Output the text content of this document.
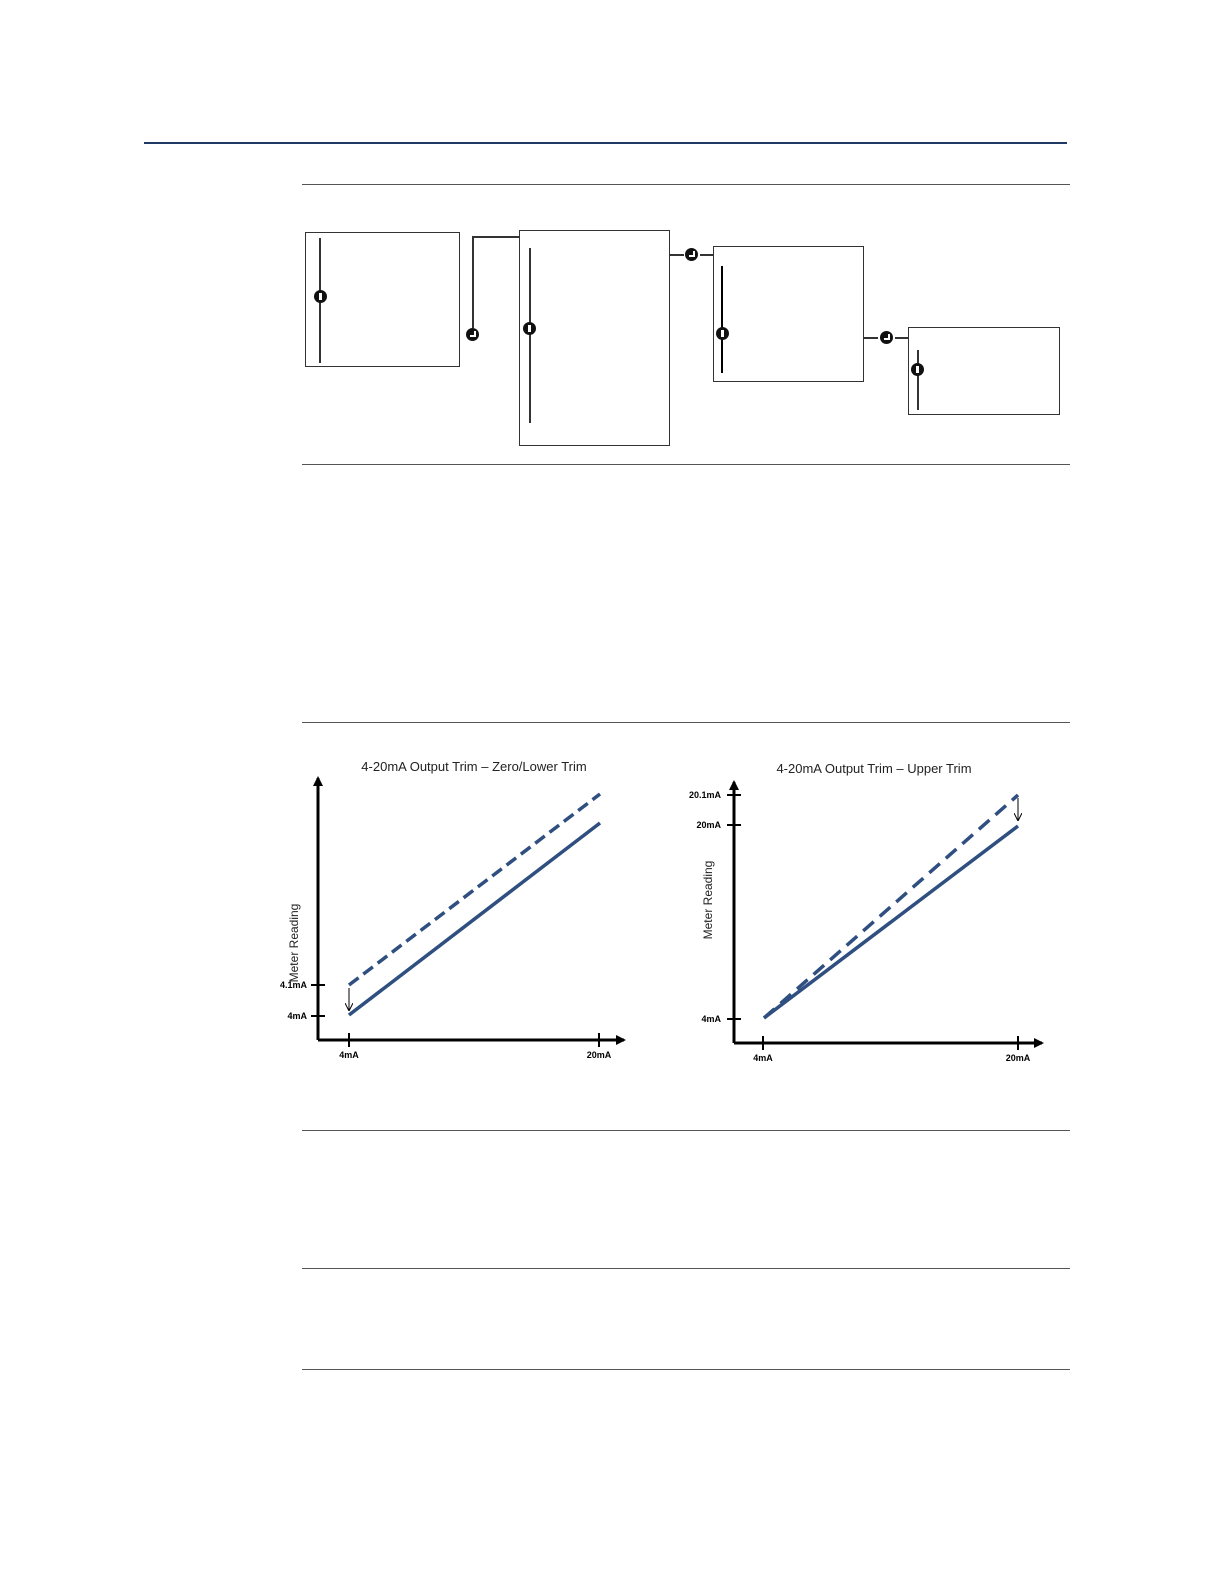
4-20mA Output Trim – Zero/Lower Trim
Meter Reading
4mA	20mA
4mA
4.1mA
4-20mA Output Trim – Upper Trim
Meter Reading
4mA	20mA
4mA
20mA
20.1mA
